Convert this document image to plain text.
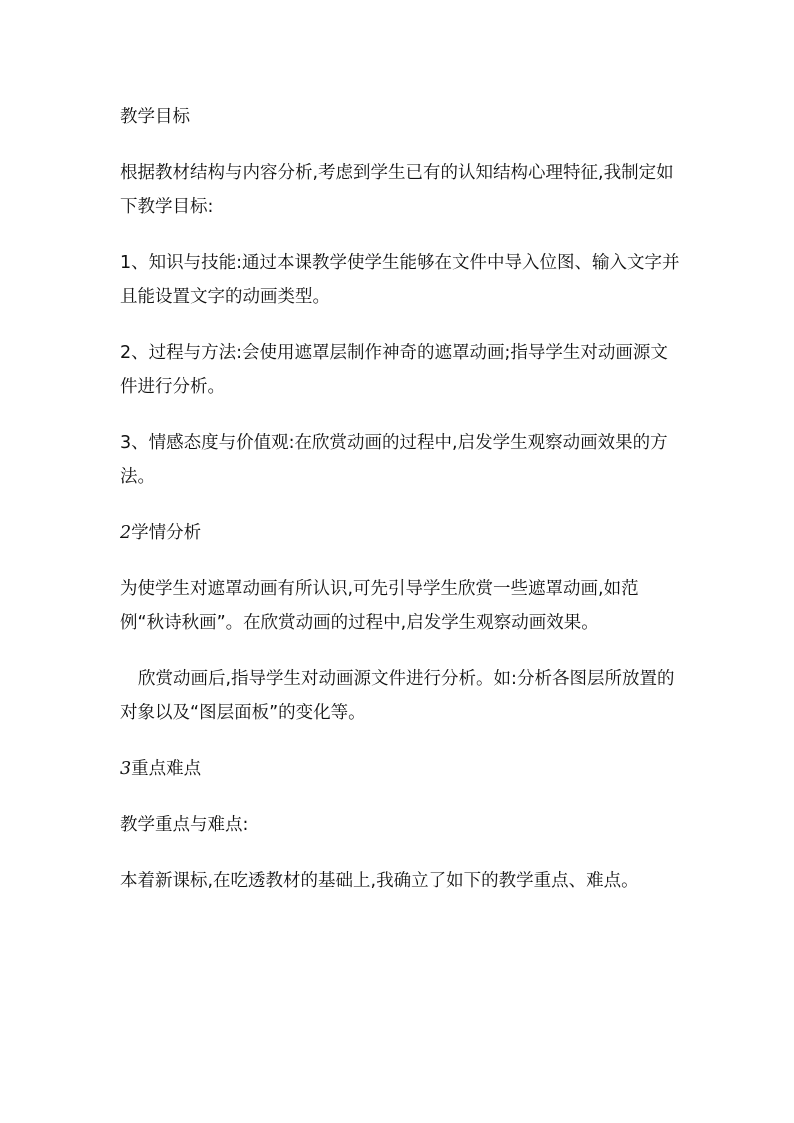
教学目标

根据教材结构与内容分析,考虑到学生已有的认知结构心理特征,我制定如下教学目标:

1、知识与技能:通过本课教学使学生能够在文件中导入位图、输入文字并且能设置文字的动画类型。

2、过程与方法:会使用遮罩层制作神奇的遮罩动画;指导学生对动画源文件进行分析。

3、情感态度与价值观:在欣赏动画的过程中,启发学生观察动画效果的方法。

2学情分析

为使学生对遮罩动画有所认识,可先引导学生欣赏一些遮罩动画,如范例“秋诗秋画”。在欣赏动画的过程中,启发学生观察动画效果。

欣赏动画后,指导学生对动画源文件进行分析。如:分析各图层所放置的对象以及“图层面板”的变化等。

3重点难点

教学重点与难点:

本着新课标,在吃透教材的基础上,我确立了如下的教学重点、难点。
